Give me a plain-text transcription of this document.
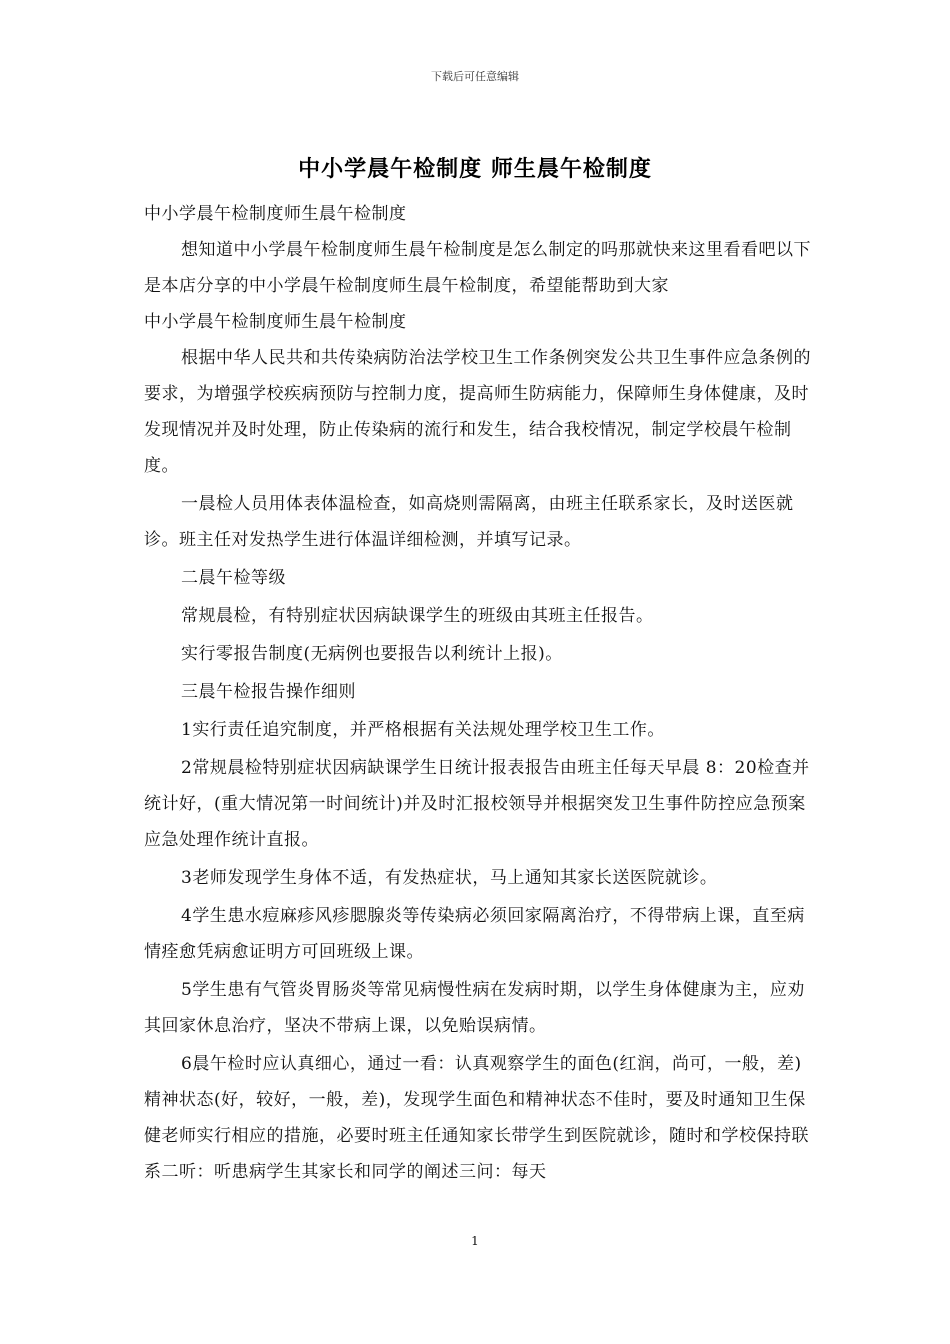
下载后可任意编辑
中小学晨午检制度 师生晨午检制度

中小学晨午检制度师生晨午检制度

想知道中小学晨午检制度师生晨午检制度是怎么制定的吗那就快来这里看看吧以下是本店分享的中小学晨午检制度师生晨午检制度，希望能帮助到大家

中小学晨午检制度师生晨午检制度

根据中华人民共和共传染病防治法学校卫生工作条例突发公共卫生事件应急条例的要求，为增强学校疾病预防与控制力度，提高师生防病能力，保障师生身体健康，及时发现情况并及时处理，防止传染病的流行和发生，结合我校情况，制定学校晨午检制度。

一晨检人员用体表体温检查，如高烧则需隔离，由班主任联系家长，及时送医就诊。班主任对发热学生进行体温详细检测，并填写记录。

二晨午检等级

常规晨检，有特别症状因病缺课学生的班级由其班主任报告。

实行零报告制度(无病例也要报告以利统计上报)。

三晨午检报告操作细则

1实行责任追究制度，并严格根据有关法规处理学校卫生工作。

2常规晨检特别症状因病缺课学生日统计报表报告由班主任每天早晨 8：20检查并统计好，(重大情况第一时间统计)并及时汇报校领导并根据突发卫生事件防控应急预案应急处理作统计直报。

3老师发现学生身体不适，有发热症状，马上通知其家长送医院就诊。

4学生患水痘麻疹风疹腮腺炎等传染病必须回家隔离治疗，不得带病上课，直至病情痊愈凭病愈证明方可回班级上课。

5学生患有气管炎胃肠炎等常见病慢性病在发病时期，以学生身体健康为主，应劝其回家休息治疗，坚决不带病上课，以免贻误病情。

6晨午检时应认真细心，通过一看：认真观察学生的面色(红润，尚可，一般，差)精神状态(好，较好，一般，差)，发现学生面色和精神状态不佳时，要及时通知卫生保健老师实行相应的措施，必要时班主任通知家长带学生到医院就诊，随时和学校保持联系二听：听患病学生其家长和同学的阐述三问：每天

1
